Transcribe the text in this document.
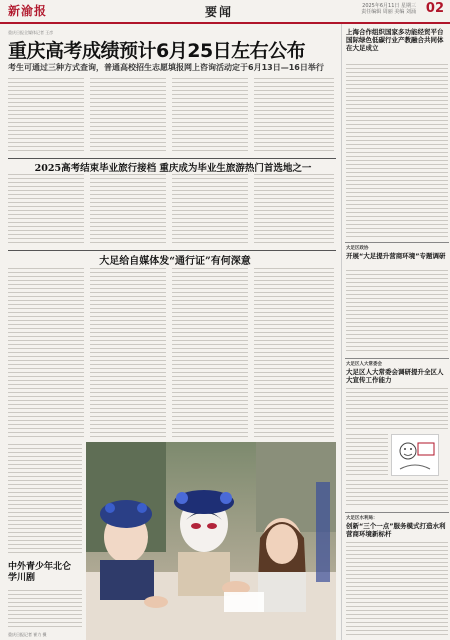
新渝报	要闻	2025年6月11日 星期三
责任编辑 周丽 美编 刘涌 02
重庆日报全媒体记者 王彦
重庆高考成绩预计6月25日左右公布
考生可通过三种方式查询，普通高校招生志愿填报网上咨询活动定于6月13日—16日举行
2025高考结束毕业旅行接档 重庆成为毕业生旅游热门首选地之一
大足给自媒体发“通行证”有何深意
中外青少年北仑学川剧
重庆日报记者 崔力 摄
上海合作组织国家多功能经贸平台国际绿色低碳行业产教融合共同体在大足成立
大足区政协
开展“大足提升营商环境”专题调研
大足区人大常委会
大足区人大常委会调研提升全区人大宣传工作能力
大足区水利局：
创新“三个一点”服务模式打造水利营商环境新标杆
